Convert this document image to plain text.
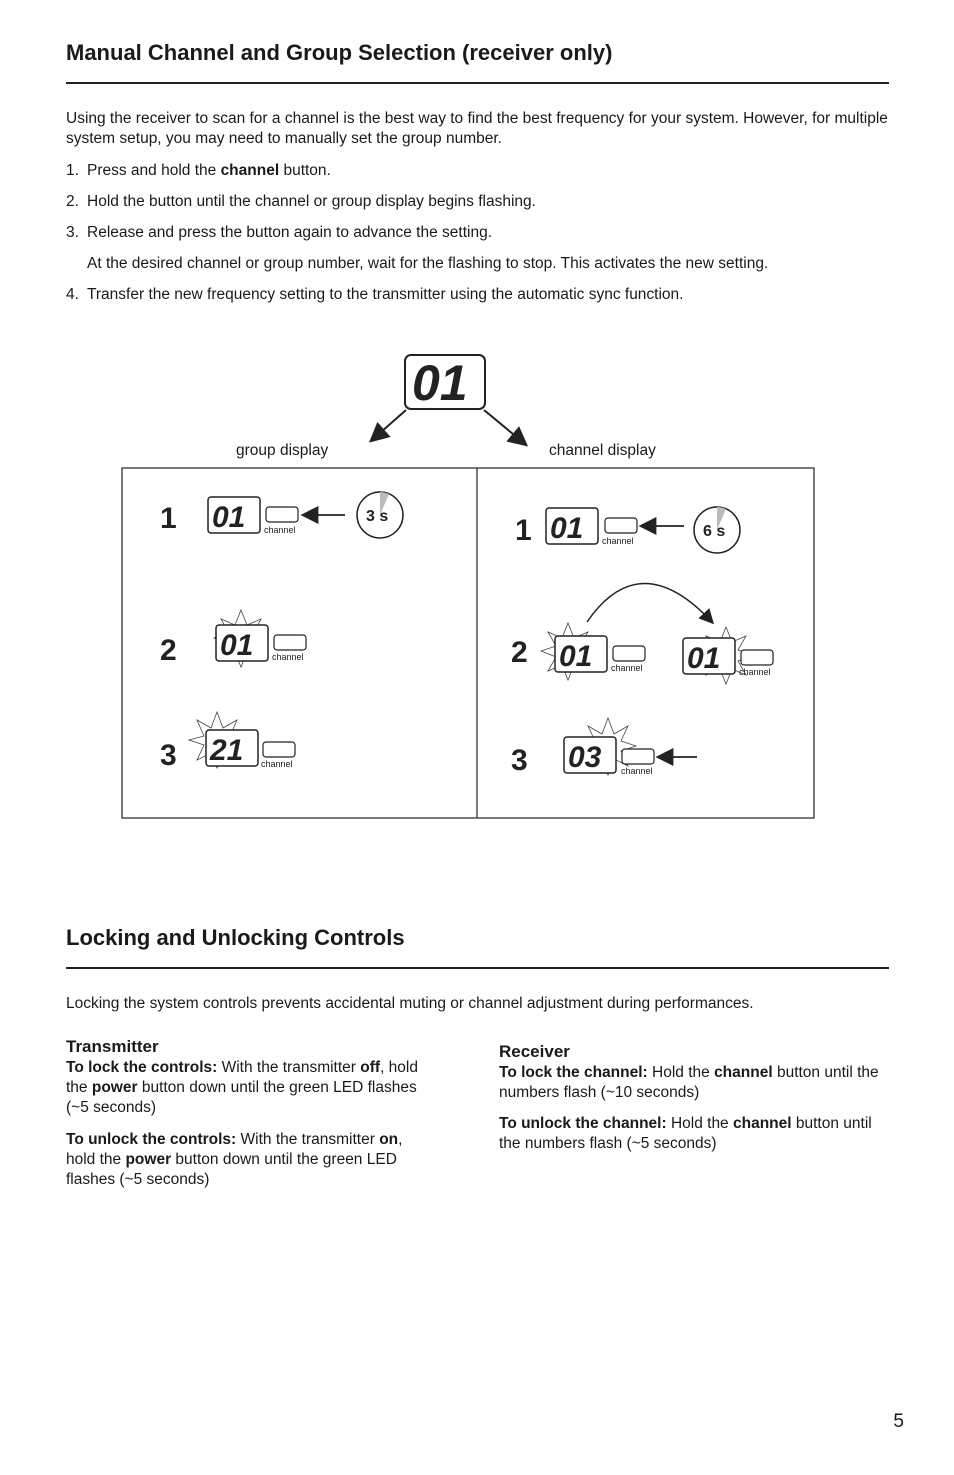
Manual Channel and Group Selection (receiver only)

Using the receiver to scan for a channel is the best way to find the best frequency for your system. However, for multiple system setup, you may need to manually set the group number.

1. Press and hold the channel button.

2. Hold the button until the channel or group display begins flashing.

3. Release and press the button again to advance the setting.

At the desired channel or group number, wait for the flashing to stop. This activates the new setting.

4. Transfer the new frequency setting to the transmitter using the automatic sync function.

01
group display	channel display
1 01 channel
3 s
2 01 channel
3 21 channel
1 01 channel
6 s
2 01 channel 01 channel
3 03 channel
Locking and Unlocking Controls

Locking the system controls prevents accidental muting or channel adjustment during performances.

Transmitter

To lock the controls: With the transmitter off, hold the power button down until the green LED flashes (~5 seconds)

To unlock the controls: With the transmitter on, hold the power button down until the green LED flashes (~5 seconds)

Receiver

To lock the channel: Hold the channel button until the numbers flash (~10 seconds)

To unlock the channel: Hold the channel button until the numbers flash (~5 seconds)

5
